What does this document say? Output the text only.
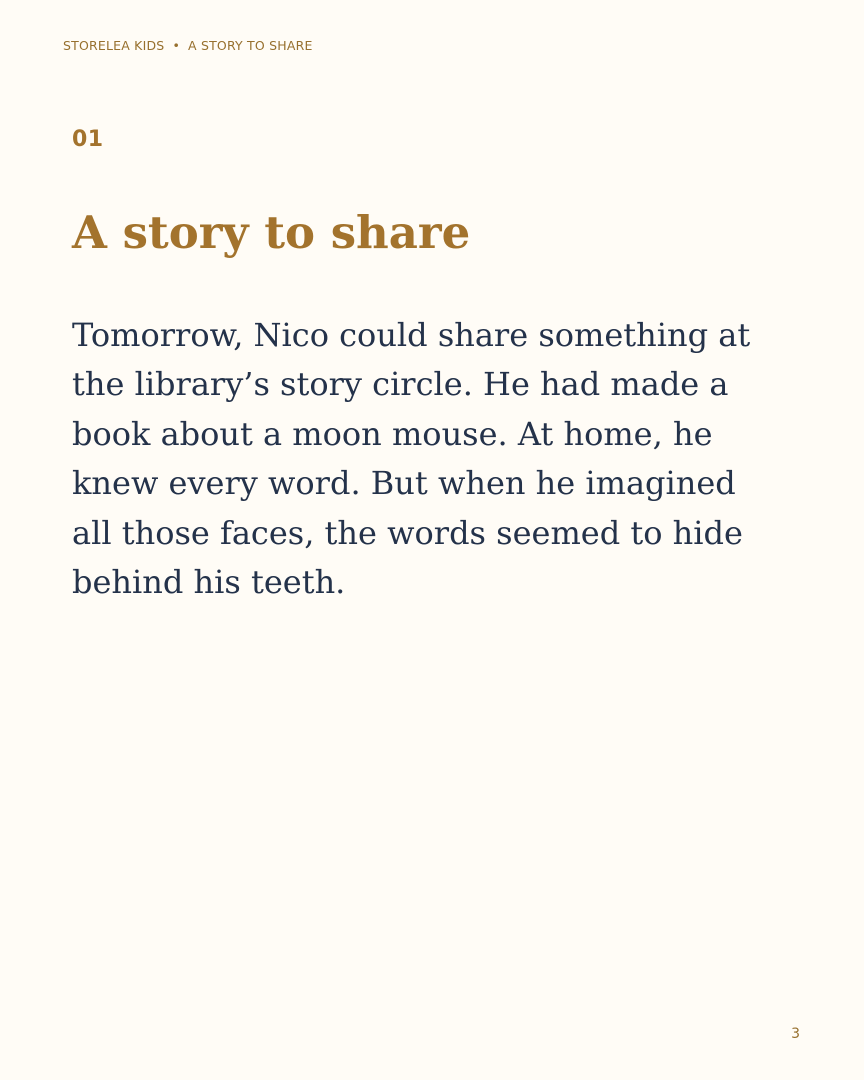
STORELEA KIDS • A STORY TO SHARE
01
A story to share

Tomorrow, Nico could share something at
the library’s story circle. He had made a
book about a moon mouse. At home, he
knew every word. But when he imagined
all those faces, the words seemed to hide
behind his teeth.

3
